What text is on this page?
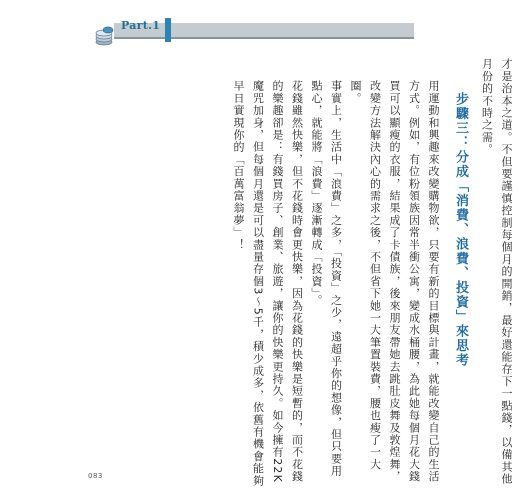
Part.1

才是治本之道。不但要謹慎控制每個月的開銷，最好還能存下一點錢，以備其他月份的不時之需。

步驟三：分成「消費、浪費、投資」來思考

用運動和興趣來改變購物欲，只要有新的目標與計畫，就能改變自己的生活方式。例如，有位粉領族因常半衝公寓，變成水桶腰，為此她每個月花大錢買可以顯瘦的衣服，結果成了卡債族，後來朋友帶她去跳肚皮舞及敦煌舞，改變方法解決內心的需求之後，不但省下她一大筆置裝費，腰也瘦了一大圈。

事實上，生活中「浪費」之多，「投資」之少，遠超乎你的想像，但只要用點心，就能將「浪費」逐漸轉成「投資」。

花錢雖然快樂，但不花錢時會更快樂，因為花錢的快樂是短暫的，而不花錢的樂趣卻是：有錢買房子、創業、旅遊，讓你的快樂更持久。如今擁有22K魔咒加身，但每個月還是可以盡量存個3～5千，積少成多，依舊有機會能夠早日實現你的「百萬富翁夢」！

083
